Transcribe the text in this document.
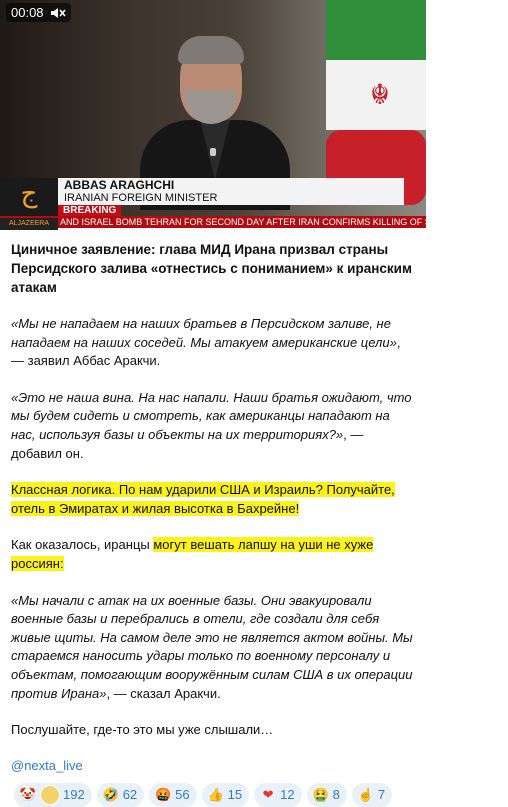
☬
00:08
ج	ABBAS ARAGHCHI
IRANIAN FOREIGN MINISTER
BREAKING
ALJAZEERA AND ISRAEL BOMB TEHRAN FOR SECOND DAY AFTER IRAN CONFIRMS KILLING OF SUPREME LEADER

Циничное заявление: глава МИД Ирана призвал страны Персидского залива «отнестись с пониманием» к иранским атакам

«Мы не нападаем на наших братьев в Персидском заливе, не нападаем на наших соседей. Мы атакуем американские цели», — заявил Аббас Аракчи.

«Это не наша вина. На нас напали. Наши братья ожидают, что мы будем сидеть и смотреть, как американцы нападают на нас, используя базы и объекты на их территориях?», — добавил он.

Классная логика. По нам ударили США и Израиль? Получайте,
отель в Эмиратах и жилая высотка в Бахрейне!

Как оказалось, иранцы могут вешать лапшу на уши не хуже
россиян:

«Мы начали с атак на их военные базы. Они эвакуировали военные базы и перебрались в отели, где создали для себя живые щиты. На самом деле это не является актом войны. Мы стараемся наносить удары только по военному персоналу и объектам, помогающим вооружённым силам США в их операции против Ирана», — сказал Аракчи.

Послушайте, где-то это мы уже слышали…

@nexta_live
🤡 192 🤣 62 🤬 56 👍 15 ❤ 12 🤮 8 ☝ 7
